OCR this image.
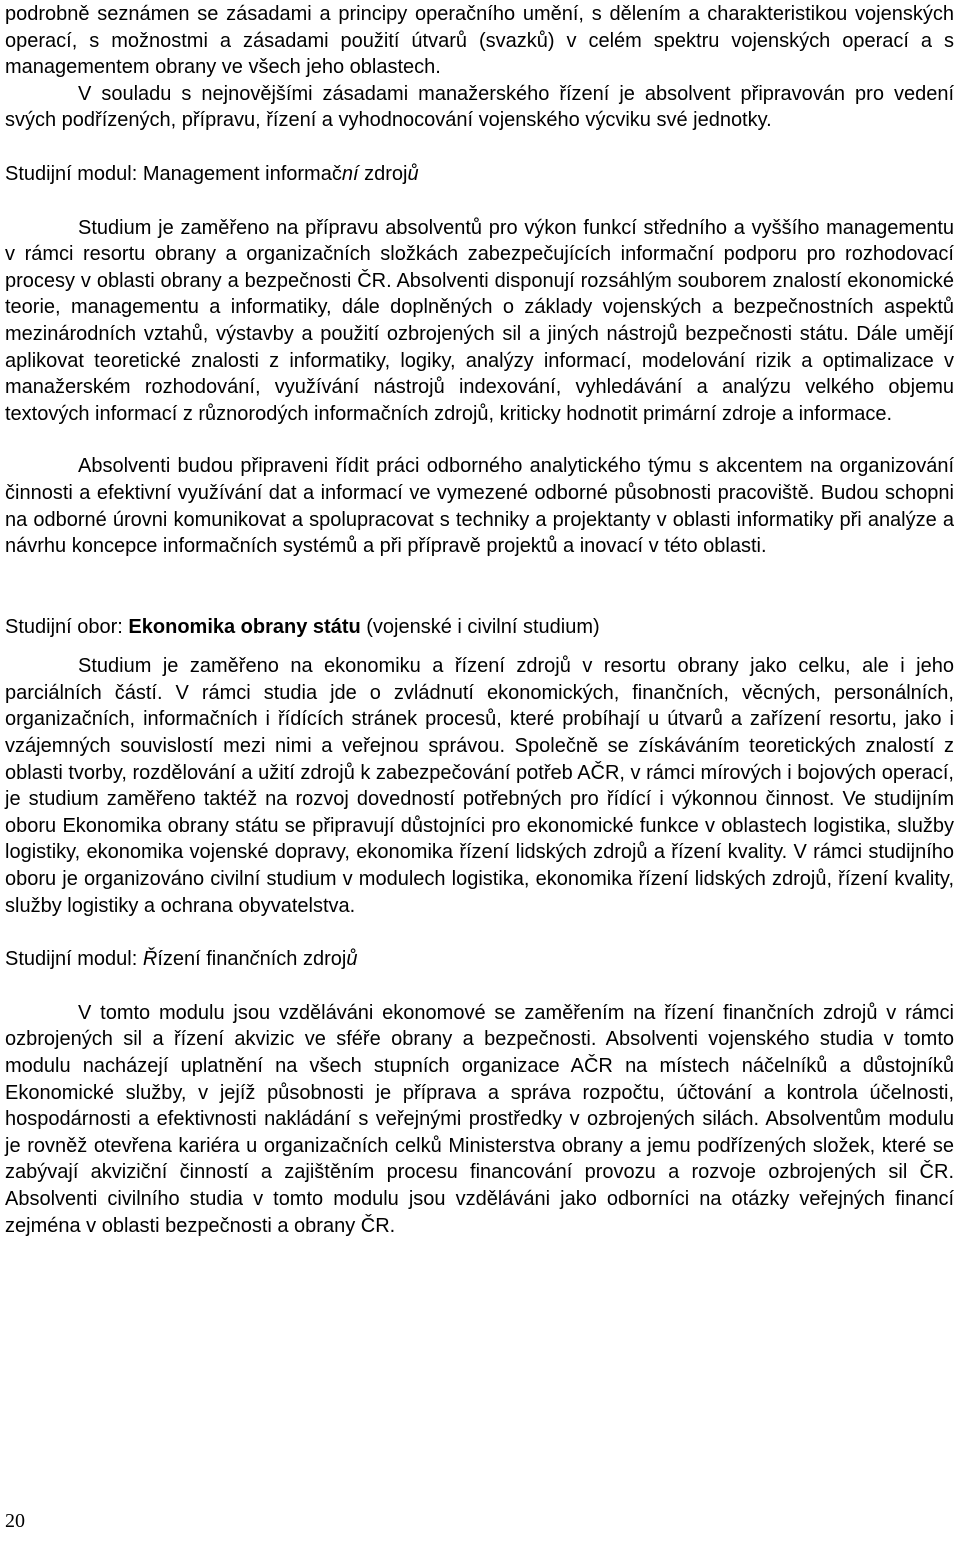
podrobně seznámen se zásadami a principy operačního umění, s dělením a charakteristikou vojenských operací, s možnostmi a zásadami použití útvarů (svazků) v celém spektru vojenských operací a s managementem obrany ve všech jeho oblastech.

V souladu s nejnovějšími zásadami manažerského řízení je absolvent připravován pro vedení svých podřízených, přípravu, řízení a vyhodnocování vojenského výcviku své jednotky.

Studijní modul: Management informační zdrojů

Studium je zaměřeno na přípravu absolventů pro výkon funkcí středního a vyššího managementu v rámci resortu obrany a organizačních složkách zabezpečujících informační podporu pro rozhodovací procesy v oblasti obrany a bezpečnosti ČR. Absolventi disponují rozsáhlým souborem znalostí ekonomické teorie, managementu a informatiky, dále doplněných o základy vojenských a bezpečnostních aspektů mezinárodních vztahů, výstavby a použití ozbrojených sil a jiných nástrojů bezpečnosti státu. Dále umějí aplikovat teoretické znalosti z informatiky, logiky, analýzy informací, modelování rizik a optimalizace v manažerském rozhodování, využívání nástrojů indexování, vyhledávání a analýzu velkého objemu textových informací z různorodých informačních zdrojů, kriticky hodnotit primární zdroje a informace.

Absolventi budou připraveni řídit práci odborného analytického týmu s akcentem na organizování činnosti a efektivní využívání dat a informací ve vymezené odborné působnosti pracoviště. Budou schopni na odborné úrovni komunikovat a spolupracovat s techniky a projektanty v oblasti informatiky při analýze a návrhu koncepce informačních systémů a při přípravě projektů a inovací v této oblasti.

Studijní obor: Ekonomika obrany státu (vojenské i civilní studium)

Studium je zaměřeno na ekonomiku a řízení zdrojů v resortu obrany jako celku, ale i jeho parciálních částí. V rámci studia jde o zvládnutí ekonomických, finančních, věcných, personálních, organizačních, informačních i řídících stránek procesů, které probíhají u útvarů a zařízení resortu, jako i vzájemných souvislostí mezi nimi a veřejnou správou. Společně se získáváním teoretických znalostí z oblasti tvorby, rozdělování a užití zdrojů k zabezpečování potřeb AČR, v rámci mírových i bojových operací, je studium zaměřeno taktéž na rozvoj dovedností potřebných pro řídící i výkonnou činnost. Ve studijním oboru Ekonomika obrany státu se připravují důstojníci pro ekonomické funkce v oblastech logistika, služby logistiky, ekonomika vojenské dopravy, ekonomika řízení lidských zdrojů a řízení kvality. V rámci studijního oboru je organizováno civilní studium v modulech logistika, ekonomika řízení lidských zdrojů, řízení kvality, služby logistiky a ochrana obyvatelstva.

Studijní modul: Řízení finančních zdrojů

V tomto modulu jsou vzděláváni ekonomové se zaměřením na řízení finančních zdrojů v rámci ozbrojených sil a řízení akvizic ve sféře obrany a bezpečnosti. Absolventi vojenského studia v tomto modulu nacházejí uplatnění na všech stupních organizace AČR na místech náčelníků a důstojníků Ekonomické služby, v jejíž působnosti je příprava a správa rozpočtu, účtování a kontrola účelnosti, hospodárnosti a efektivnosti nakládání s veřejnými prostředky v ozbrojených silách. Absolventům modulu je rovněž otevřena kariéra u organizačních celků Ministerstva obrany a jemu podřízených složek, které se zabývají akviziční činností a zajištěním procesu financování provozu a rozvoje ozbrojených sil ČR. Absolventi civilního studia v tomto modulu jsou vzděláváni jako odborníci na otázky veřejných financí zejména v oblasti bezpečnosti a obrany ČR.

20
